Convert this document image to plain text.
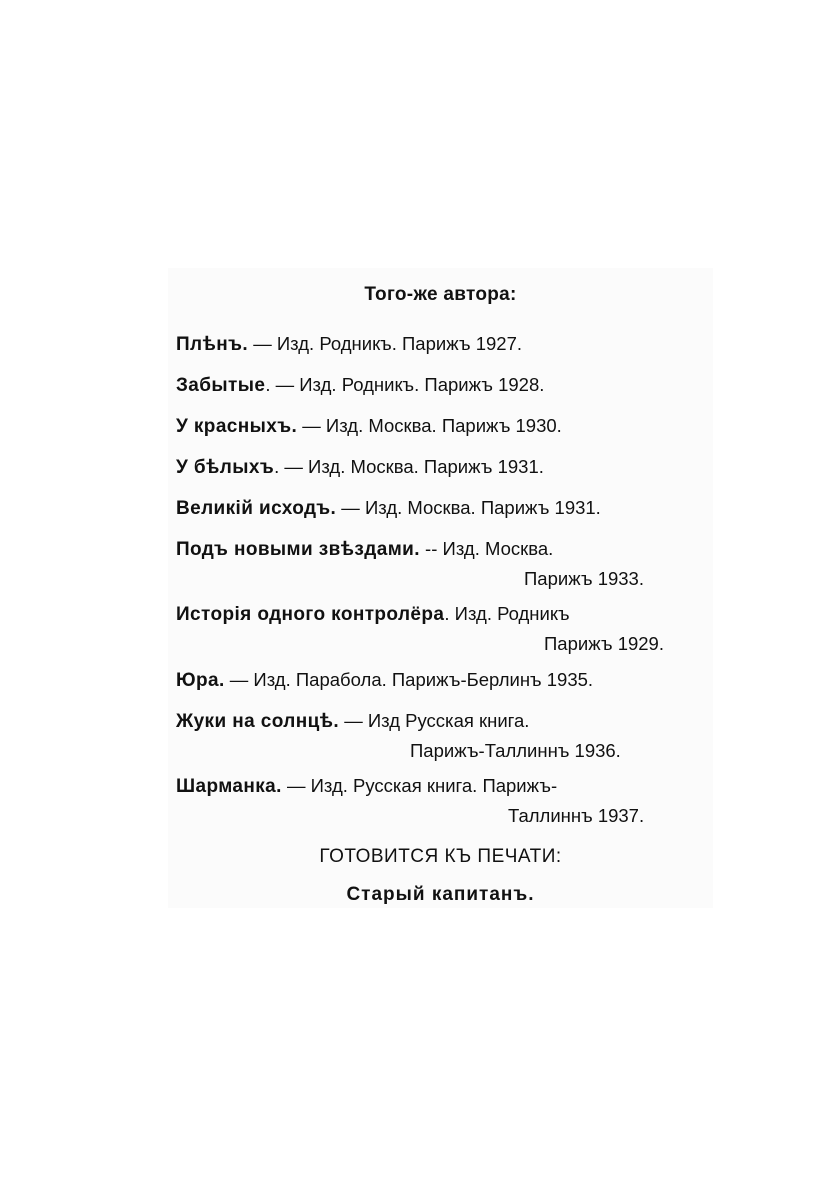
Того-же автора:
Плѣнъ. — Изд. Родникъ. Парижъ 1927.
Забытые. — Изд. Родникъ. Парижъ 1928.
У красныхъ. — Изд. Москва. Парижъ 1930.
У бѣлыхъ. — Изд. Москва. Парижъ 1931.
Великій исходъ. — Изд. Москва. Парижъ 1931.
Подъ новыми звѣздами. -- Изд. Москва.
Парижъ 1933.
Исторія одного контролёра. Изд. Родникъ
Парижъ 1929.
Юра. — Изд. Парабола. Парижъ-Берлинъ 1935.
Жуки на солнцѣ. — Изд Русская книга.
Парижъ-Таллиннъ 1936.
Шарманка. — Изд. Русская книга. Парижъ-
Таллиннъ 1937.
ГОТОВИТСЯ КЪ ПЕЧАТИ:
Старый капитанъ.
